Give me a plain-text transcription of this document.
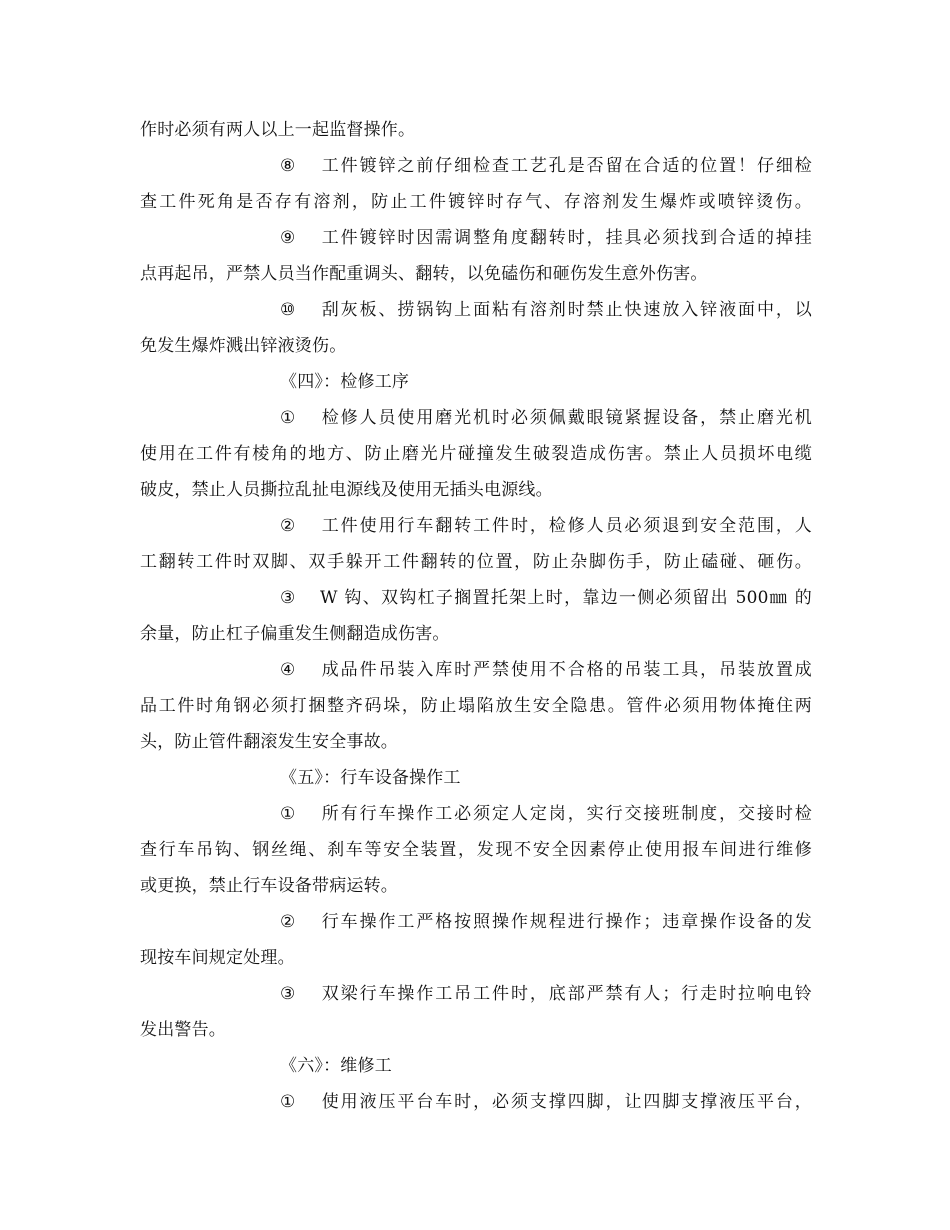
作时必须有两人以上一起监督操作。
⑧ 工件镀锌之前仔细检查工艺孔是否留在合适的位置！仔细检
查工件死角是否存有溶剂，防止工件镀锌时存气、存溶剂发生爆炸或喷锌烫伤。
⑨ 工件镀锌时因需调整角度翻转时，挂具必须找到合适的掉挂
点再起吊，严禁人员当作配重调头、翻转，以免磕伤和砸伤发生意外伤害。
⑩ 刮灰板、捞锅钩上面粘有溶剂时禁止快速放入锌液面中，以
免发生爆炸溅出锌液烫伤。
《四》：检修工序
① 检修人员使用磨光机时必须佩戴眼镜紧握设备，禁止磨光机
使用在工件有棱角的地方、防止磨光片碰撞发生破裂造成伤害。禁止人员损坏电缆
破皮，禁止人员撕拉乱扯电源线及使用无插头电源线。
② 工件使用行车翻转工件时，检修人员必须退到安全范围，人
工翻转工件时双脚、双手躲开工件翻转的位置，防止杂脚伤手，防止磕碰、砸伤。
③ W 钩、双钩杠子搁置托架上时，靠边一侧必须留出 500㎜ 的
余量，防止杠子偏重发生侧翻造成伤害。
④ 成品件吊装入库时严禁使用不合格的吊装工具，吊装放置成
品工件时角钢必须打捆整齐码垛，防止塌陷放生安全隐患。管件必须用物体掩住两
头，防止管件翻滚发生安全事故。
《五》：行车设备操作工
① 所有行车操作工必须定人定岗，实行交接班制度，交接时检
查行车吊钩、钢丝绳、刹车等安全装置，发现不安全因素停止使用报车间进行维修
或更换，禁止行车设备带病运转。
② 行车操作工严格按照操作规程进行操作；违章操作设备的发
现按车间规定处理。
③ 双梁行车操作工吊工件时，底部严禁有人；行走时拉响电铃
发出警告。
《六》：维修工
① 使用液压平台车时，必须支撑四脚，让四脚支撑液压平台，
